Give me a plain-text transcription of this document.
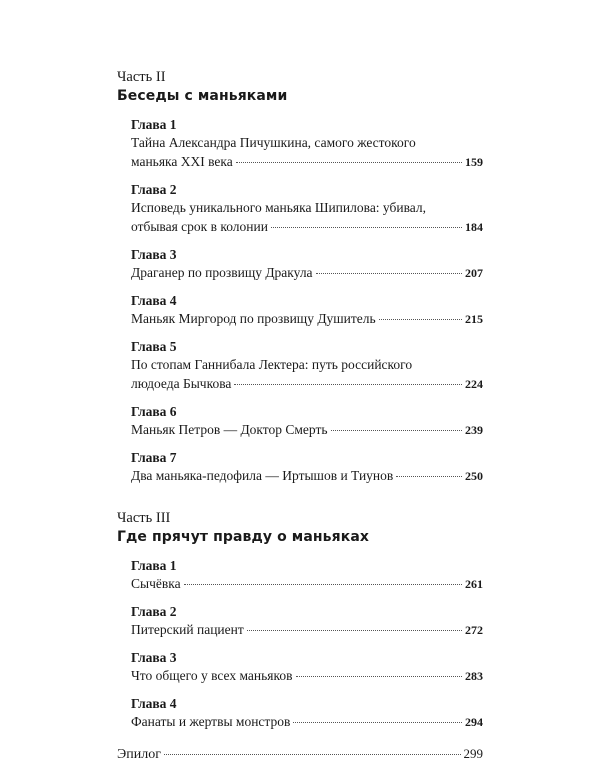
Часть II
Беседы с маньяками
Глава 1
Тайна Александра Пичушкина, самого жестокого
маньяка XXI века	159
Глава 2
Исповедь уникального маньяка Шипилова: убивал,
отбывая срок в колонии	184
Глава 3
Драганер по прозвищу Дракула	207
Глава 4
Маньяк Миргород по прозвищу Душитель	215
Глава 5
По стопам Ганнибала Лектера: путь российского
людоеда Бычкова	224
Глава 6
Маньяк Петров — Доктор Смерть	239
Глава 7
Два маньяка-педофила — Иртышов и Тиунов	250
Часть III
Где прячут правду о маньяках
Глава 1
Сычёвка	261
Глава 2
Питерский пациент	272
Глава 3
Что общего у всех маньяков	283
Глава 4
Фанаты и жертвы монстров	294
Эпилог	299
